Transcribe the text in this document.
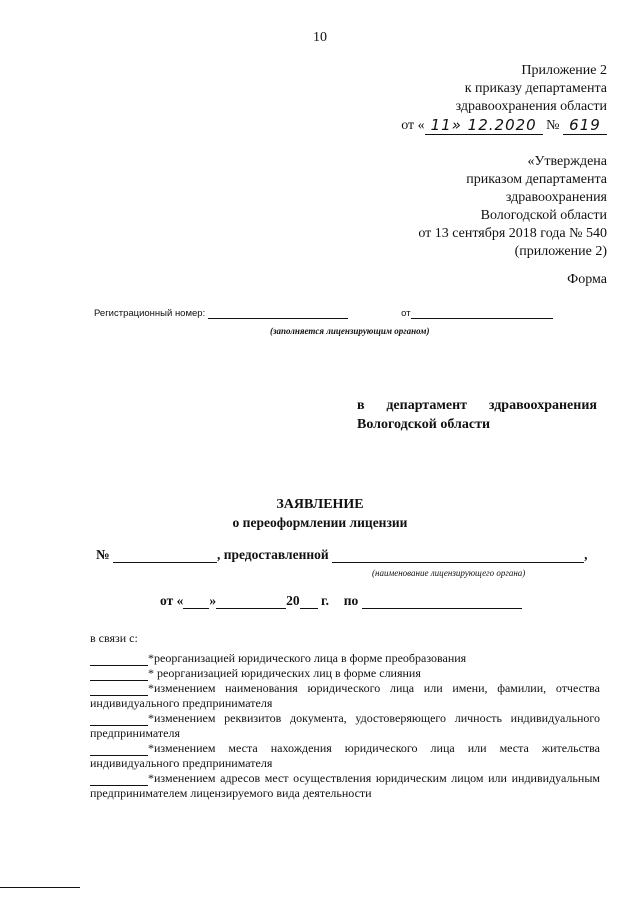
10
Приложение 2
к приказу департамента
здравоохранения области
от « 11» 12.2020 № 619
«Утверждена
приказом департамента
здравоохранения
Вологодской области
от 13 сентября 2018 года № 540
(приложение 2)
Форма
Регистрационный номер:	от
(заполняется лицензирующим органом)
в департамент здравоохранения
Вологодской области
ЗАЯВЛЕНИЕ
о переоформлении лицензии
№	, предоставленной	,
(наименование лицензирующего органа)
от « »	20 г. по
в связи с:
*реорганизацией юридического лица в форме преобразования
* реорганизацией юридических лиц в форме слияния
*изменением наименования юридического лица или имени, фамилии, отчества индивидуального предпринимателя
*изменением реквизитов документа, удостоверяющего личность индивидуального предпринимателя
*изменением места нахождения юридического лица или места жительства индивидуального предпринимателя
*изменением адресов мест осуществления юридическим лицом или индивидуальным предпринимателем лицензируемого вида деятельности
